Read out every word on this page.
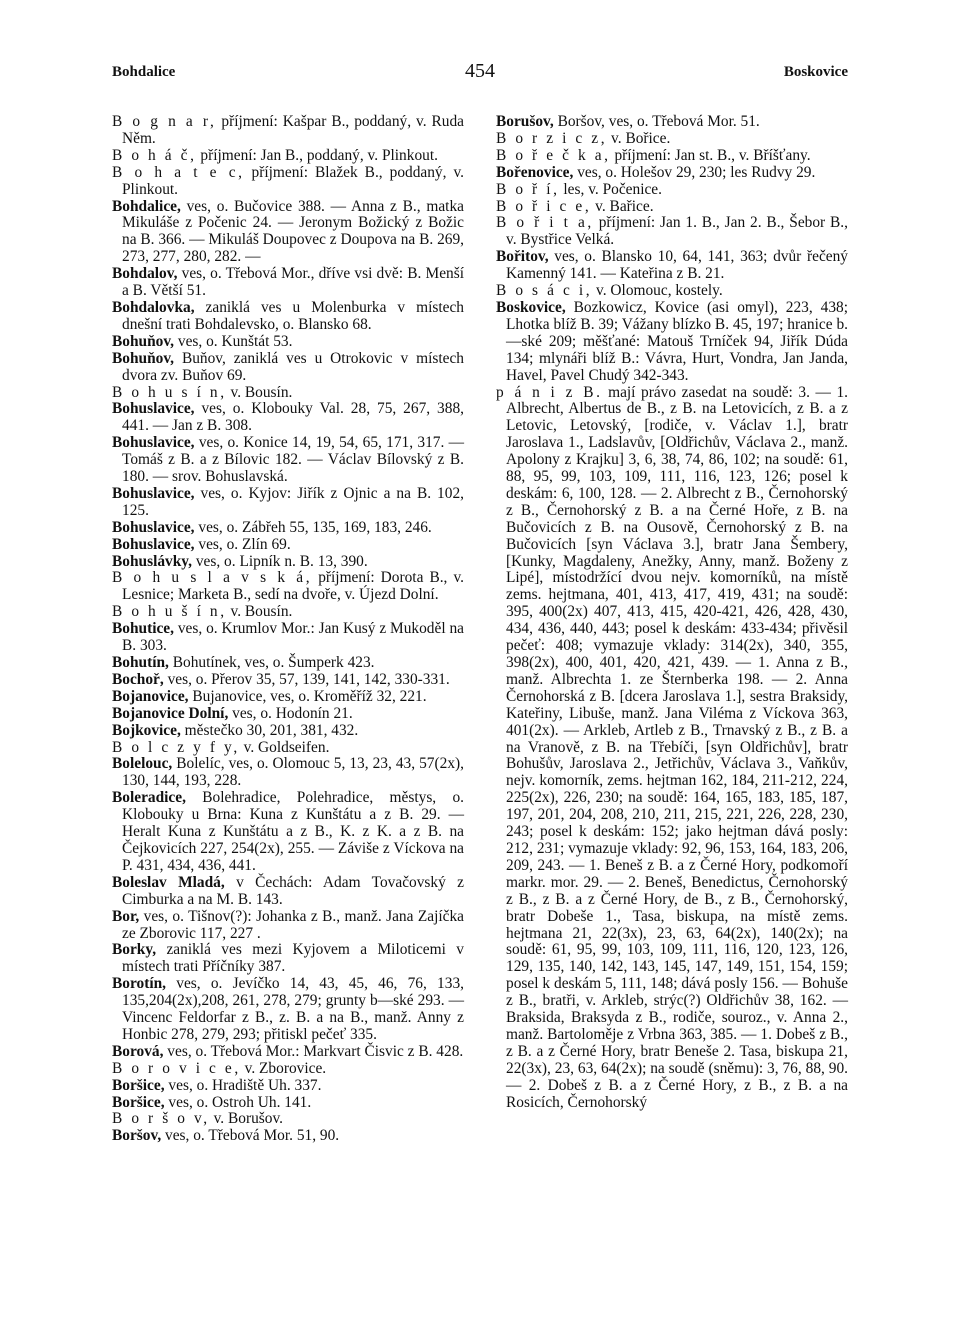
Bohdalice	454	Boskovice
B o g n a r, příjmení: Kašpar B., poddaný, v. Ruda Něm.
B o h á č, příjmení: Jan B., poddaný, v. Plinkout.
B o h a t e c, příjmení: Blažek B., poddaný, v. Plinkout.
Bohdalice, ves, o. Bučovice 388. — Anna z B., matka Mikuláše z Počenic 24. — Jeronym Božický z Božic na B. 366. — Mikuláš Doupovec z Doupova na B. 269, 273, 277, 280, 282. —
Bohdalov, ves, o. Třebová Mor., dříve vsi dvě: B. Menší a B. Větší 51.
Bohdalovka, zaniklá ves u Molenburka v místech dnešní trati Bohdalevsko, o. Blansko 68.
Bohuňov, ves, o. Kunštát 53.
Bohuňov, Buňov, zaniklá ves u Otrokovic v místech dvora zv. Buňov 69.
B o h u s í n, v. Bousín.
Bohuslavice, ves, o. Klobouky Val. 28, 75, 267, 388, 441. — Jan z B. 308.
Bohuslavice, ves, o. Konice 14, 19, 54, 65, 171, 317. — Tomáš z B. a z Bílovic 182. — Václav Bílovský z B. 180. — srov. Bohuslavská.
Bohuslavice, ves, o. Kyjov: Jiřík z Ojnic a na B. 102, 125.
Bohuslavice, ves, o. Zábřeh 55, 135, 169, 183, 246.
Bohuslavice, ves, o. Zlín 69.
Bohuslávky, ves, o. Lipník n. B. 13, 390.
B o h u s l a v s k á, příjmení: Dorota B., v. Lesnice; Marketa B., sedí na dvoře, v. Újezd Dolní.
B o h u š í n, v. Bousín.
Bohutice, ves, o. Krumlov Mor.: Jan Kusý z Mukoděl na B. 303.
Bohutín, Bohutínek, ves, o. Šumperk 423.
Bochoř, ves, o. Přerov 35, 57, 139, 141, 142, 330-331.
Bojanovice, Bujanovice, ves, o. Kroměříž 32, 221.
Bojanovice Dolní, ves, o. Hodonín 21.
Bojkovice, městečko 30, 201, 381, 432.
B o l c z y f y, v. Goldseifen.
Bolelouc, Bolelíc, ves, o. Olomouc 5, 13, 23, 43, 57(2x), 130, 144, 193, 228.
Boleradice, Bolehradice, Polehradice, městys, o. Klobouky u Brna: Kuna z Kunštátu a z B. 29. — Heralt Kuna z Kunštátu a z B., K. z K. a z B. na Čejkovicích 227, 254(2x), 255. — Záviše z Víckova na P. 431, 434, 436, 441.
Boleslav Mladá, v Čechách: Adam Tovačovský z Cimburka a na M. B. 143.
Bor, ves, o. Tišnov(?): Johanka z B., manž. Jana Zajíčka ze Zborovic 117, 227 .
Borky, zaniklá ves mezi Kyjovem a Miloticemi v místech trati Příčníky 387.
Borotín, ves, o. Jevíčko 14, 43, 45, 46, 76, 133, 135,204(2x),208, 261, 278, 279; grunty b—ské 293. — Vincenc Feldorfar z B., z. B. a na B., manž. Anny z Honbic 278, 279, 293; přitiskl pečeť 335.
Borová, ves, o. Třebová Mor.: Markvart Čisvic z B. 428.
B o r o v i c e, v. Zborovice.
Boršice, ves, o. Hradiště Uh. 337.
Boršice, ves, o. Ostroh Uh. 141.
B o r š o v, v. Borušov.
Boršov, ves, o. Třebová Mor. 51, 90.
Borušov, Boršov, ves, o. Třebová Mor. 51.
B o r z i c z, v. Bořice.
B o ř e č k a, příjmení: Jan st. B., v. Bříšťany.
Bořenovice, ves, o. Holešov 29, 230; les Rudvy 29.
B o ř í, les, v. Počenice.
B o ř i c e, v. Bařice.
B o ř i t a, příjmení: Jan 1. B., Jan 2. B., Šebor B., v. Bystřice Velká.
Bořitov, ves, o. Blansko 10, 64, 141, 363; dvůr řečený Kamenný 141. — Kateřina z B. 21.
B o s á c i, v. Olomouc, kostely.
Boskovice, Bozkowicz, Kovice (asi omyl), 223, 438; Lhotka blíž B. 39; Vážany blízko B. 45, 197; hranice b.—ské 209; měšťané: Matouš Trníček 94, Jiřík Dúda 134; mlynáři blíž B.: Vávra, Hurt, Vondra, Jan Janda, Havel, Pavel Chudý 342-343.
p á n i z B. mají právo zasedat na soudě: 3. — 1. Albrecht, Albertus de B., z B. na Letovicích, z B. a z Letovic, Letovský, [rodiče, v. Václav 1.], bratr Jaroslava 1., Ladslavův, [Oldřichův, Václava 2., manž. Apolony z Krajku] 3, 6, 38, 74, 86, 102; na soudě: 61, 88, 95, 99, 103, 109, 111, 116, 123, 126; posel k deskám: 6, 100, 128. — 2. Albrecht z B., Černohorský z B., Černohorský z B. a na Černé Hoře, z B. na Bučovicích z B. na Ousově, Černohorský z B. na Bučovicích [syn Václava 3.], bratr Jana Šembery, [Kunky, Magdaleny, Anežky, Anny, manž. Boženy z Lipé], místodržící dvou nejv. komorníků, na místě zems. hejtmana, 401, 413, 417, 419, 431; na soudě: 395, 400(2x) 407, 413, 415, 420-421, 426, 428, 430, 434, 436, 440, 443; posel k deskám: 433-434; přivěsil pečeť: 408; vymazuje vklady: 314(2x), 340, 355, 398(2x), 400, 401, 420, 421, 439. — 1. Anna z B., manž. Albrechta 1. ze Šternberka 198. — 2. Anna Černohorská z B. [dcera Jaroslava 1.], sestra Braksidy, Kateřiny, Libuše, manž. Jana Viléma z Víckova 363, 401(2x). — Arkleb, Artleb z B., Trnavský z B., z B. a na Vranově, z B. na Třebíči, [syn Oldřichův], bratr Bohušův, Jaroslava 2., Jetřichův, Václava 3., Vaňkův, nejv. komorník, zems. hejtman 162, 184, 211-212, 224, 225(2x), 226, 230; na soudě: 164, 165, 183, 185, 187, 197, 201, 204, 208, 210, 211, 215, 221, 226, 228, 230, 243; posel k deskám: 152; jako hejtman dává posly: 212, 231; vymazuje vklady: 92, 96, 153, 164, 183, 206, 209, 243. — 1. Beneš z B. a z Černé Hory, podkomoří markr. mor. 29. — 2. Beneš, Benedictus, Černohorský z B., z B. a z Černé Hory, de B., z B., Černohorský, bratr Dobeše 1., Tasa, biskupa, na místě zems. hejtmana 21, 22(3x), 23, 63, 64(2x), 140(2x); na soudě: 61, 95, 99, 103, 109, 111, 116, 120, 123, 126, 129, 135, 140, 142, 143, 145, 147, 149, 151, 154, 159; posel k deskám 5, 111, 148; dává posly 156. — Bohuše z B., bratři, v. Arkleb, strýc(?) Oldřichův 38, 162. — Braksida, Braksyda z B., rodiče, souroz., v. Anna 2., manž. Bartoloměje z Vrbna 363, 385. — 1. Dobeš z B., z B. a z Černé Hory, bratr Beneše 2. Tasa, biskupa 21, 22(3x), 23, 63, 64(2x); na soudě (sněmu): 3, 76, 88, 90. — 2. Dobeš z B. a z Černé Hory, z B., z B. a na Rosicích, Černohorský
